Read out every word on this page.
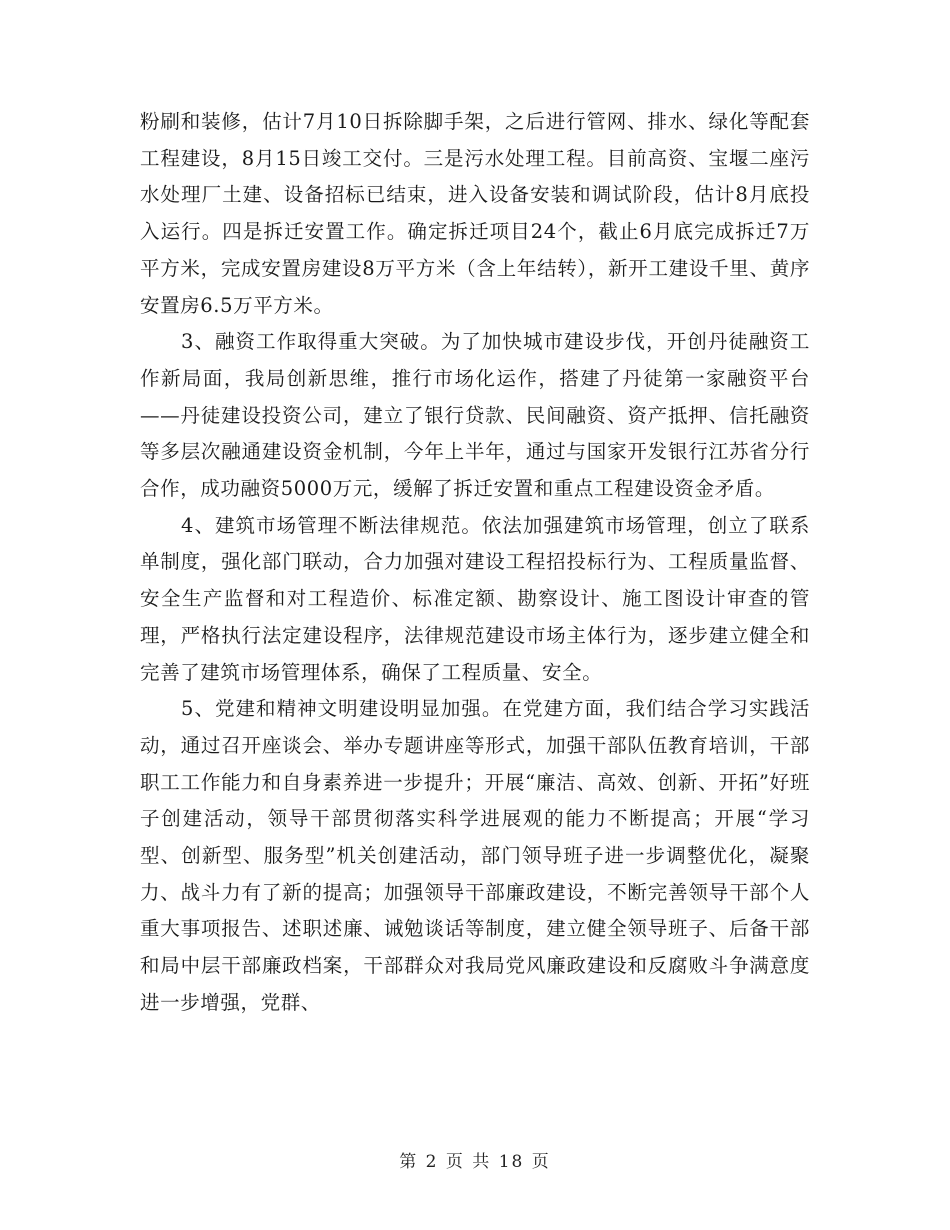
粉刷和装修，估计7月10日拆除脚手架，之后进行管网、排水、绿化等配套工程建设，8月15日竣工交付。三是污水处理工程。目前高资、宝堰二座污水处理厂土建、设备招标已结束，进入设备安装和调试阶段，估计8月底投入运行。四是拆迁安置工作。确定拆迁项目24个，截止6月底完成拆迁7万平方米，完成安置房建设8万平方米（含上年结转），新开工建设千里、黄序安置房6.5万平方米。

3、融资工作取得重大突破。为了加快城市建设步伐，开创丹徒融资工作新局面，我局创新思维，推行市场化运作，搭建了丹徒第一家融资平台——丹徒建设投资公司，建立了银行贷款、民间融资、资产抵押、信托融资等多层次融通建设资金机制，今年上半年，通过与国家开发银行江苏省分行合作，成功融资5000万元，缓解了拆迁安置和重点工程建设资金矛盾。

4、建筑市场管理不断法律规范。依法加强建筑市场管理，创立了联系单制度，强化部门联动，合力加强对建设工程招投标行为、工程质量监督、安全生产监督和对工程造价、标准定额、勘察设计、施工图设计审查的管理，严格执行法定建设程序，法律规范建设市场主体行为，逐步建立健全和完善了建筑市场管理体系，确保了工程质量、安全。

5、党建和精神文明建设明显加强。在党建方面，我们结合学习实践活动，通过召开座谈会、举办专题讲座等形式，加强干部队伍教育培训，干部职工工作能力和自身素养进一步提升；开展“廉洁、高效、创新、开拓”好班子创建活动，领导干部贯彻落实科学进展观的能力不断提高；开展“学习型、创新型、服务型”机关创建活动，部门领导班子进一步调整优化，凝聚力、战斗力有了新的提高；加强领导干部廉政建设，不断完善领导干部个人重大事项报告、述职述廉、诫勉谈话等制度，建立健全领导班子、后备干部和局中层干部廉政档案，干部群众对我局党风廉政建设和反腐败斗争满意度进一步增强，党群、

第 2 页 共 18 页
